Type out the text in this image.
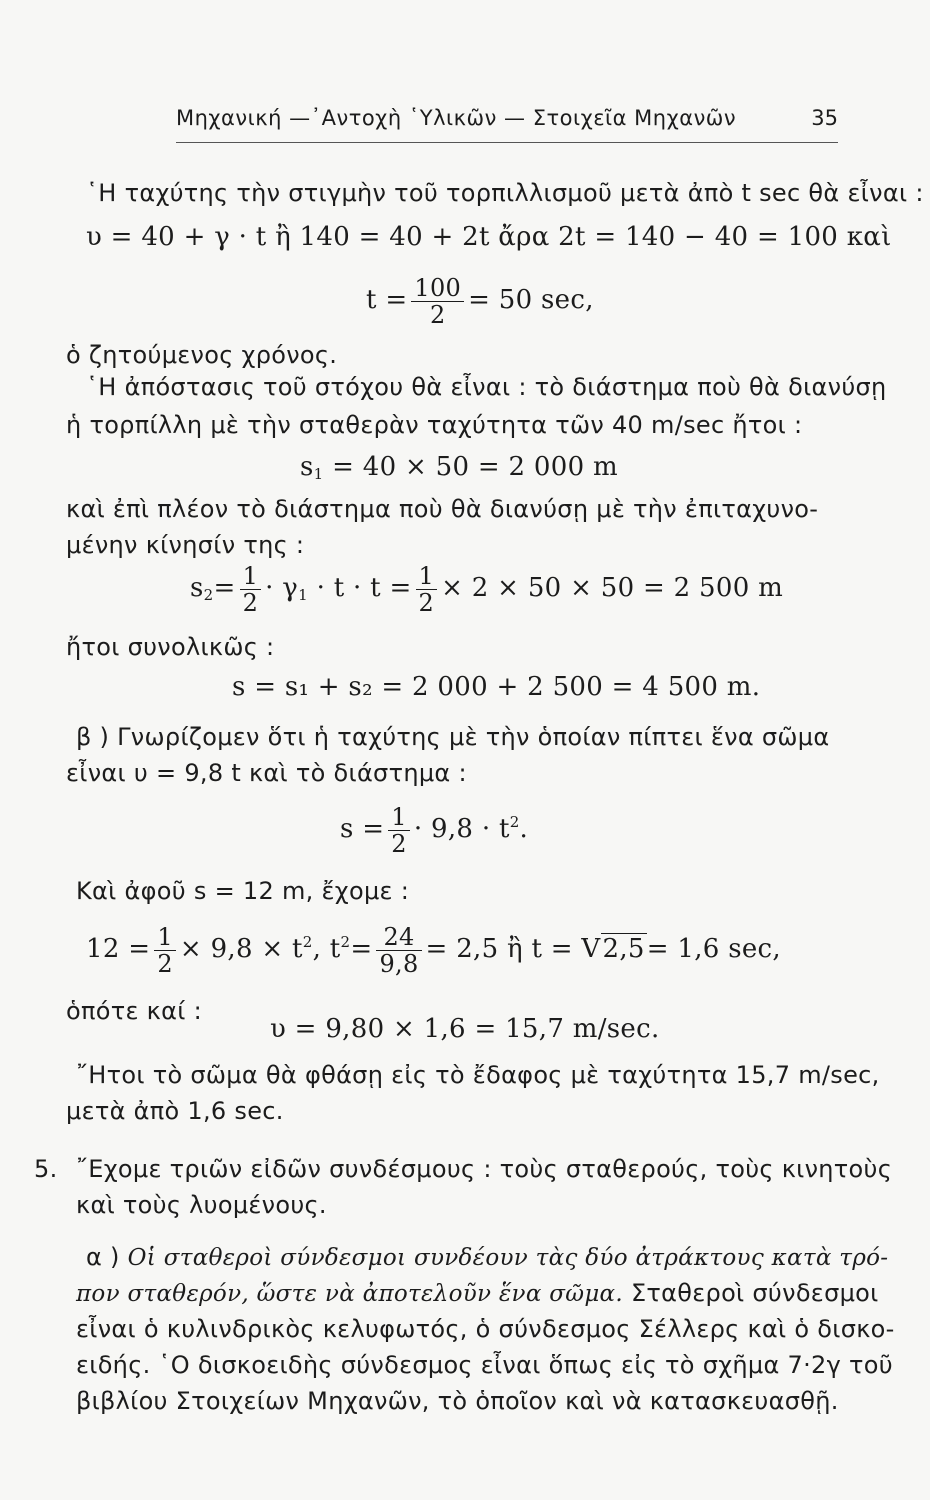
Μηχανική —᾽Αντοχὴ ῾Υλικῶν — Στοιχεῖα Μηχανῶν	35
῾Η ταχύτης τὴν στιγμὴν τοῦ τορπιλλισμοῦ μετὰ ἀπὸ t sec θὰ εἶναι :
υ = 40 + γ · t ἢ 140 = 40 + 2t ἄρα 2t = 140 − 40 = 100 καὶ
$t = \frac{100}{2} = 50$ sec,
ὁ ζητούμενος χρόνος.
῾Η ἀπόστασις τοῦ στόχου θὰ εἶναι : τὸ διάστημα ποὺ θὰ διανύσῃ
ἡ τορπίλλη μὲ τὴν σταθερὰν ταχύτητα τῶν 40 m/sec ἤτοι :
$s_1 = 40 \times 50 = 2$ 000 m
καὶ ἐπὶ πλέον τὸ διάστημα ποὺ θὰ διανύσῃ μὲ τὴν ἐπιταχυνο-
μένην κίνησίν της :
$s_2= \frac{1}{2} \cdot \gamma_1 \cdot t \cdot t = \frac{1}{2} \times 2 \times 50 \times 50 = 2$ 500 m
ἤτοι συνολικῶς :
s = s₁ + s₂ = 2 000 + 2 500 = 4 500 m.
β ) Γνωρίζομεν ὅτι ἡ ταχύτης μὲ τὴν ὁποίαν πίπτει ἕνα σῶμα
εἶναι υ = 9,8 t καὶ τὸ διάστημα :
$s = \frac{1}{2} \cdot 9,8 \cdot t^2$.
Καὶ ἀφοῦ s = 12 m, ἔχομε :
$12 = \frac{1}{2} \times 9,8 \times t^2$, $t^2= \frac{24}{9,8} = 2,5$ ἢ t = V2,5= 1,6 sec,
ὁπότε καί :
υ = 9,80 × 1,6 = 15,7 m/sec.
῎Ητοι τὸ σῶμα θὰ φθάσῃ εἰς τὸ ἔδαφος μὲ ταχύτητα 15,7 m/sec,
μετὰ ἀπὸ 1,6 sec.
5. ῎Εχομε τριῶν εἰδῶν συνδέσμους : τοὺς σταθερούς, τοὺς κινητοὺς
καὶ τοὺς λυομένους.
α ) Οἱ σταθεροὶ σύνδεσμοι συνδέουν τὰς δύο ἀτράκτους κατὰ τρό-
πον σταθερόν, ὥστε νὰ ἀποτελοῦν ἕνα σῶμα. Σταθεροὶ σύνδεσμοι
εἶναι ὁ κυλινδρικὸς κελυφωτός, ὁ σύνδεσμος Σέλλερς καὶ ὁ δισκο-
ειδής. ῾Ο δισκοειδὴς σύνδεσμος εἶναι ὅπως εἰς τὸ σχῆμα 7·2γ τοῦ
βιβλίου Στοιχείων Μηχανῶν, τὸ ὁποῖον καὶ νὰ κατασκευασθῇ.
